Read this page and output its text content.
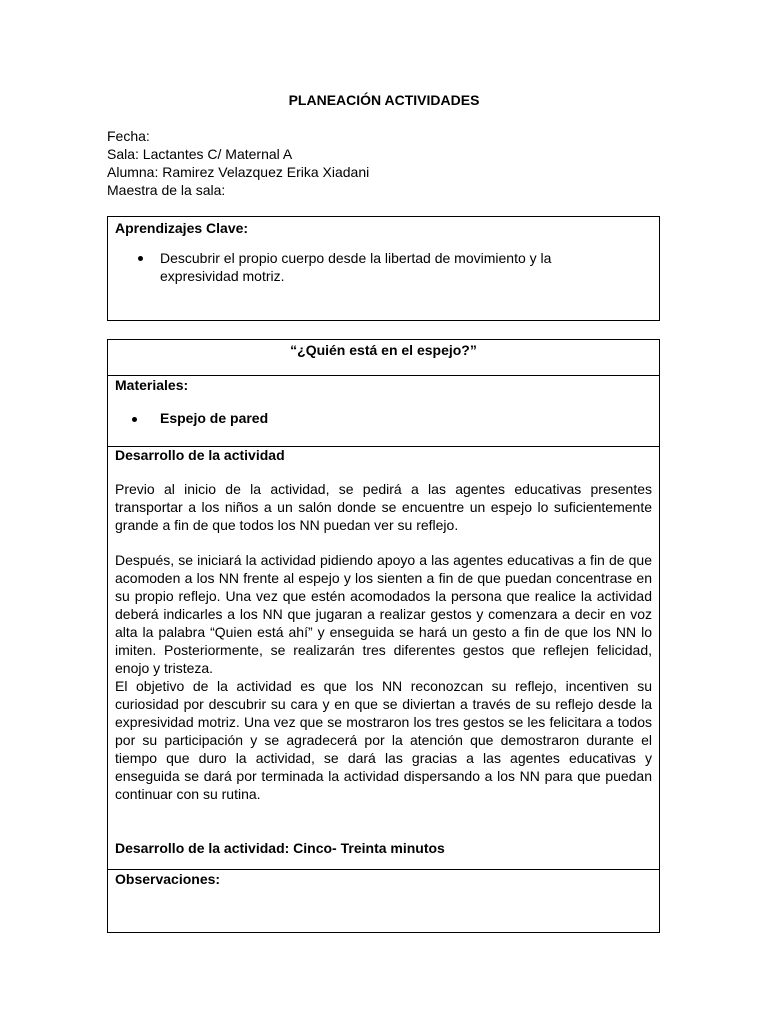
PLANEACIÓN ACTIVIDADES
Fecha:
Sala: Lactantes C/ Maternal A
Alumna: Ramirez Velazquez Erika Xiadani
Maestra de la sala:
Aprendizajes Clave:
Descubrir el propio cuerpo desde la libertad de movimiento y la expresividad motriz.
“¿Quién está en el espejo?”
Materiales:
Espejo de pared
Desarrollo de la actividad

Previo al inicio de la actividad, se pedirá a las agentes educativas presentes transportar a los niños a un salón donde se encuentre un espejo lo suficientemente grande a fin de que todos los NN puedan ver su reflejo.

Después, se iniciará la actividad pidiendo apoyo a las agentes educativas a fin de que acomoden a los NN frente al espejo y los sienten a fin de que puedan concentrase en su propio reflejo. Una vez que estén acomodados la persona que realice la actividad deberá indicarles a los NN que jugaran a realizar gestos y comenzara a decir en voz alta la palabra “Quien está ahí” y enseguida se hará un gesto a fin de que los NN lo imiten. Posteriormente, se realizarán tres diferentes gestos que reflejen felicidad, enojo y tristeza.

El objetivo de la actividad es que los NN reconozcan su reflejo, incentiven su curiosidad por descubrir su cara y en que se diviertan a través de su reflejo desde la expresividad motriz. Una vez que se mostraron los tres gestos se les felicitara a todos por su participación y se agradecerá por la atención que demostraron durante el tiempo que duro la actividad, se dará las gracias a las agentes educativas y enseguida se dará por terminada la actividad dispersando a los NN para que puedan continuar con su rutina.

Desarrollo de la actividad: Cinco- Treinta minutos
Observaciones:
